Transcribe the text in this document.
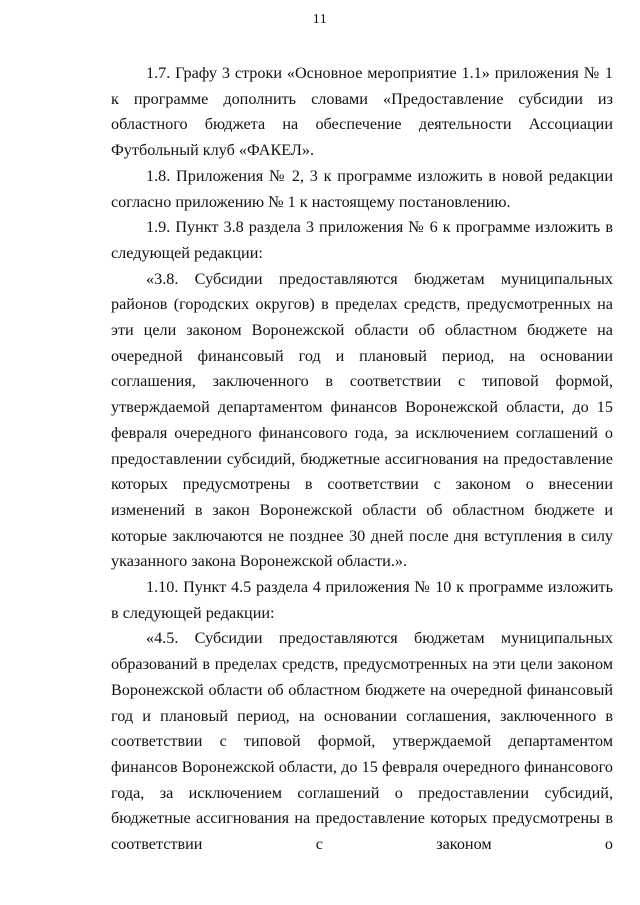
11

1.7. Графу 3 строки «Основное мероприятие 1.1» приложения № 1 к программе дополнить словами «Предоставление субсидии из областного бюджета на обеспечение деятельности Ассоциации Футбольный клуб «ФАКЕЛ».

1.8. Приложения № 2, 3 к программе изложить в новой редакции согласно приложению № 1 к настоящему постановлению.

1.9. Пункт 3.8 раздела 3 приложения № 6 к программе изложить в следующей редакции:

«3.8. Субсидии предоставляются бюджетам муниципальных районов (городских округов) в пределах средств, предусмотренных на эти цели законом Воронежской области об областном бюджете на очередной финансовый год и плановый период, на основании соглашения, заключенного в соответствии с типовой формой, утверждаемой департаментом финансов Воронежской области, до 15 февраля очередного финансового года, за исключением соглашений о предоставлении субсидий, бюджетные ассигнования на предоставление которых предусмотрены в соответствии с законом о внесении изменений в закон Воронежской области об областном бюджете и которые заключаются не позднее 30 дней после дня вступления в силу указанного закона Воронежской области.».

1.10. Пункт 4.5 раздела 4 приложения № 10 к программе изложить в следующей редакции:

«4.5. Субсидии предоставляются бюджетам муниципальных образований в пределах средств, предусмотренных на эти цели законом Воронежской области об областном бюджете на очередной финансовый год и плановый период, на основании соглашения, заключенного в соответствии с типовой формой, утверждаемой департаментом финансов Воронежской области, до 15 февраля очередного финансового года, за исключением соглашений о предоставлении субсидий, бюджетные ассигнования на предоставление которых предусмотрены в соответствии с законом о
